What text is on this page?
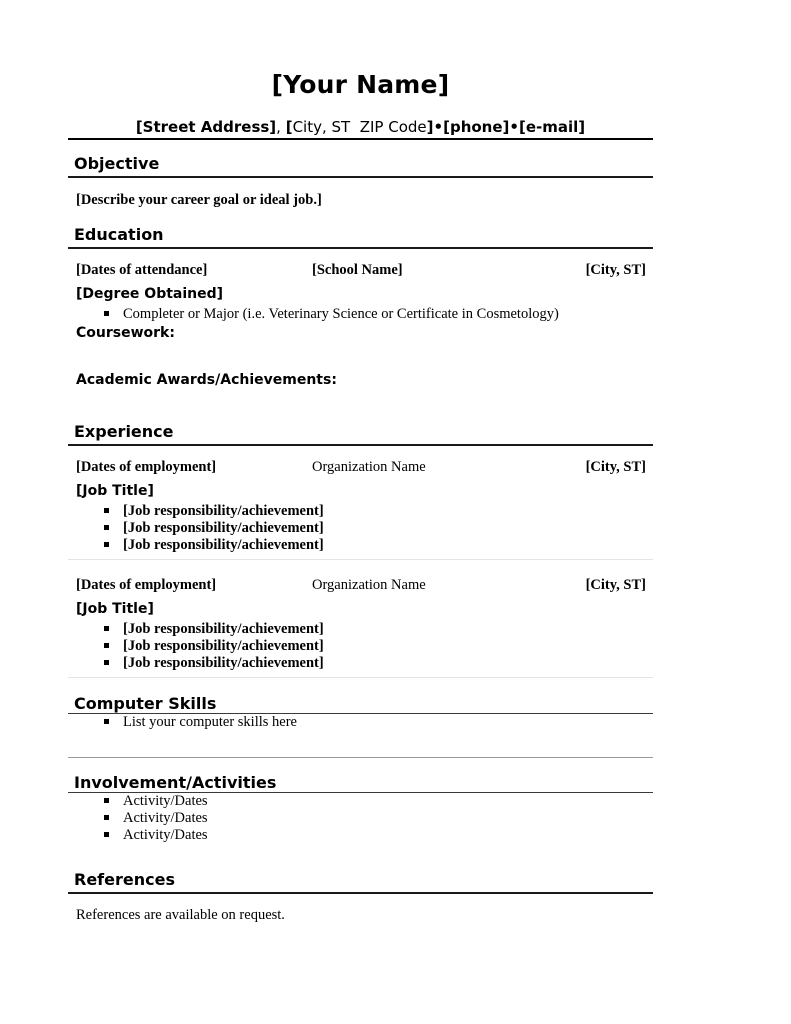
[Your Name]
[Street Address], [City, ST  ZIP Code]•[phone]•[e-mail]
Objective
[Describe your career goal or ideal job.]
Education
[Dates of attendance]	[School Name]	[City, ST]
[Degree Obtained]
Completer or Major (i.e. Veterinary Science or Certificate in Cosmetology)
Coursework:
Academic Awards/Achievements:
Experience
[Dates of employment]	Organization Name	[City, ST]
[Job Title]
[Job responsibility/achievement]
[Job responsibility/achievement]
[Job responsibility/achievement]
[Dates of employment]	Organization Name	[City, ST]
[Job Title]
[Job responsibility/achievement]
[Job responsibility/achievement]
[Job responsibility/achievement]
Computer Skills
List your computer skills here
Involvement/Activities
Activity/Dates
Activity/Dates
Activity/Dates
References
References are available on request.
